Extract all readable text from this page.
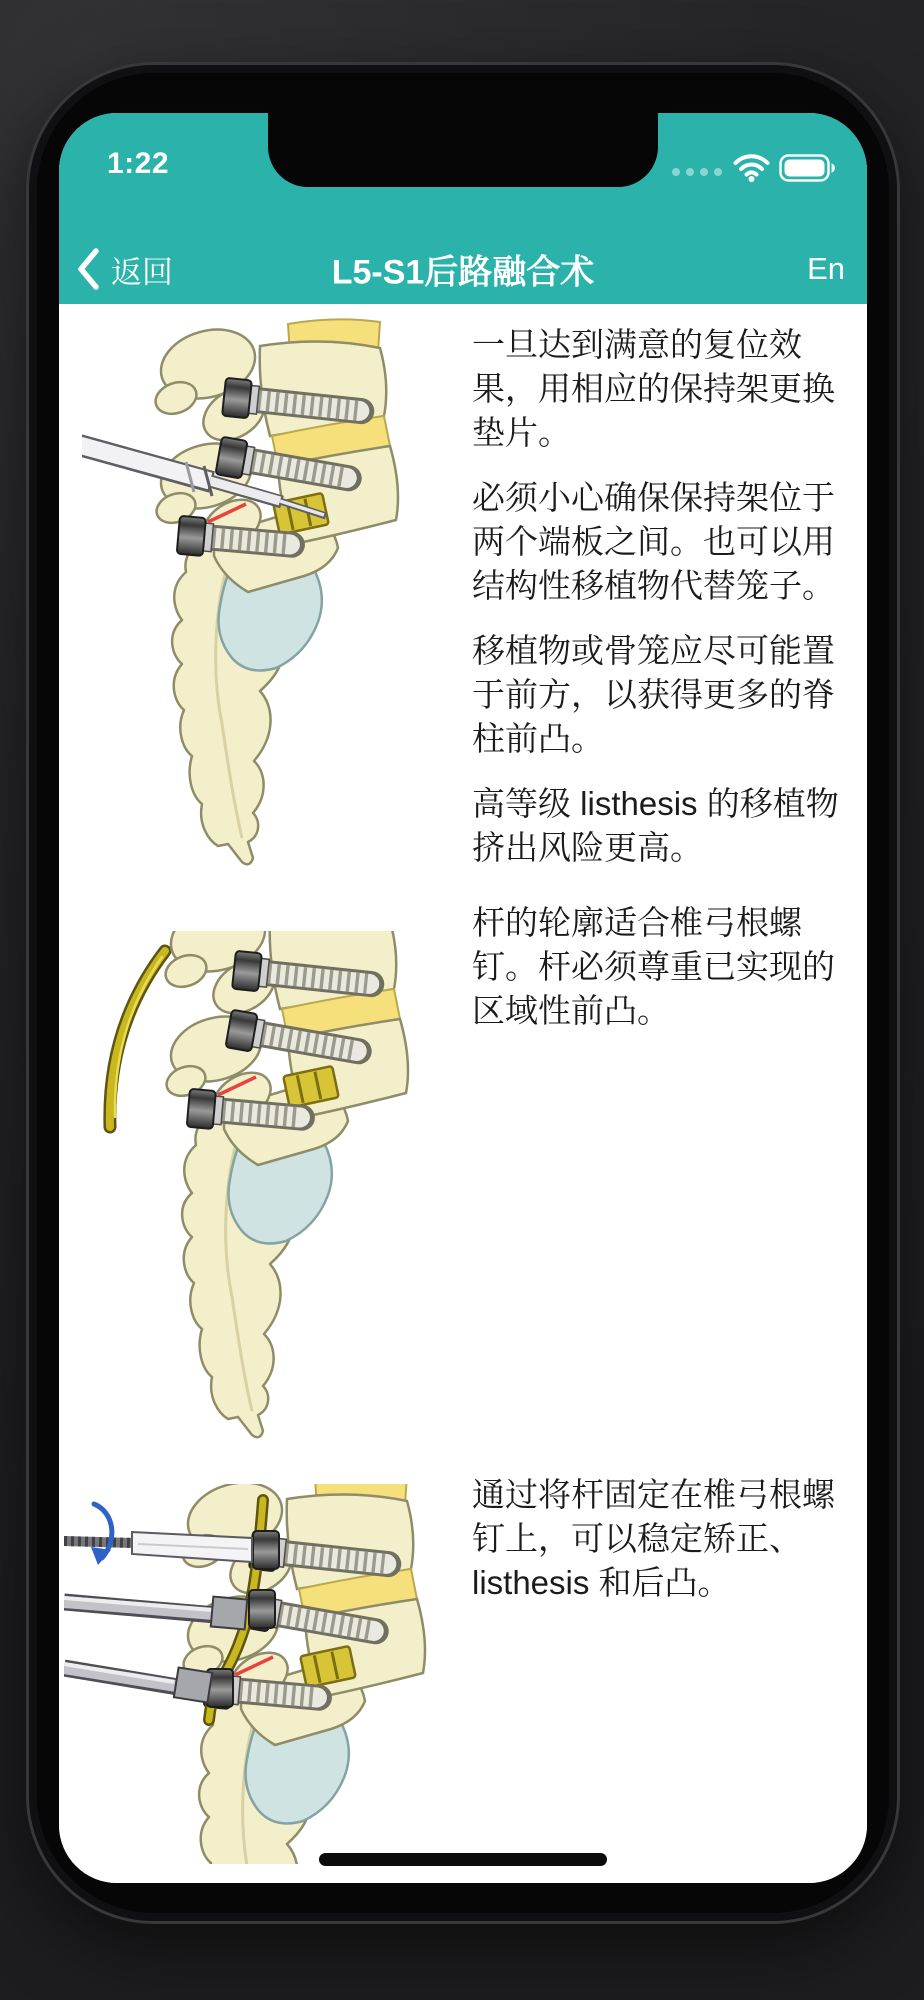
1:22
返回	L5-S1后路融合术	En

一旦达到满意的复位效果，用相应的保持架更换垫片。

必须小心确保保持架位于两个端板之间。也可以用结构性移植物代替笼子。

移植物或骨笼应尽可能置于前方，以获得更多的脊柱前凸。

高等级 listhesis 的移植物挤出风险更高。

杆的轮廓适合椎弓根螺钉。杆必须尊重已实现的区域性前凸。

通过将杆固定在椎弓根螺钉上，可以稳定矫正、listhesis 和后凸。
